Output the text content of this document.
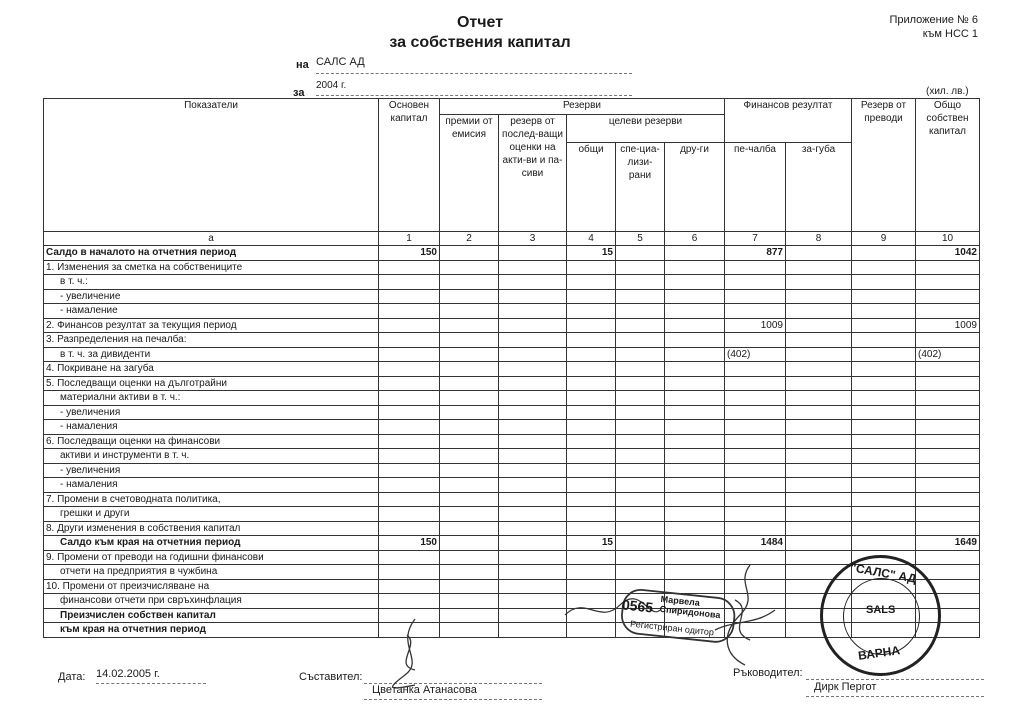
Отчет
за собствения капитал
Приложение № 6
към НСС 1
на САЛС АД
за
2004 г.
(хил. лв.)
Показатели	Основен капитал	Резерви					Финансов резултат		Резерв от преводи	Общо собствен капитал
		премии от емисия	резерв от послед-ващи оценки на акти-ви и па-сиви	целеви резерви						
				общи	спе-циа-лизи-рани	дру-ги	пе-чалба	за-губа		
а	1	2	3	4	5	6	7	8	9	10
Салдо в началото на отчетния период	150			15			877			1042
1. Изменения за сметка на собствениците										
в т. ч.:										
- увеличение										
- намаление										
2. Финансов резултат за текущия период							1009			1009
3. Разпределения на печалба:										
в т. ч. за дивиденти							(402)			(402)
4. Покриване на загуба										
5. Последващи оценки на дълготрайни										
материални активи в т. ч.:										
- увеличения										
- намаления										
6. Последващи оценки на финансови										
активи и инструменти в т. ч.										
- увеличения										
- намаления										
7. Промени в счетоводната политика,										
грешки и други										
8. Други изменения в собствения капитал										
Салдо към края на отчетния период	150			15			1484			1649
9. Промени от преводи на годишни финансови										
отчети на предприятия в чужбина										
10. Промени от преизчисляване на										
финансови отчети при свръхинфлация										
Преизчислен собствен капитал										
към края на отчетния период										
Дата: 14.02.2005 г.	Съставител:
Цветанка Атанасова
Ръководител:
Дирк Пергот
0565 Марвела Спиридонова
Регистриран одитор
"САЛС" АД
SALS
ВАРНА
